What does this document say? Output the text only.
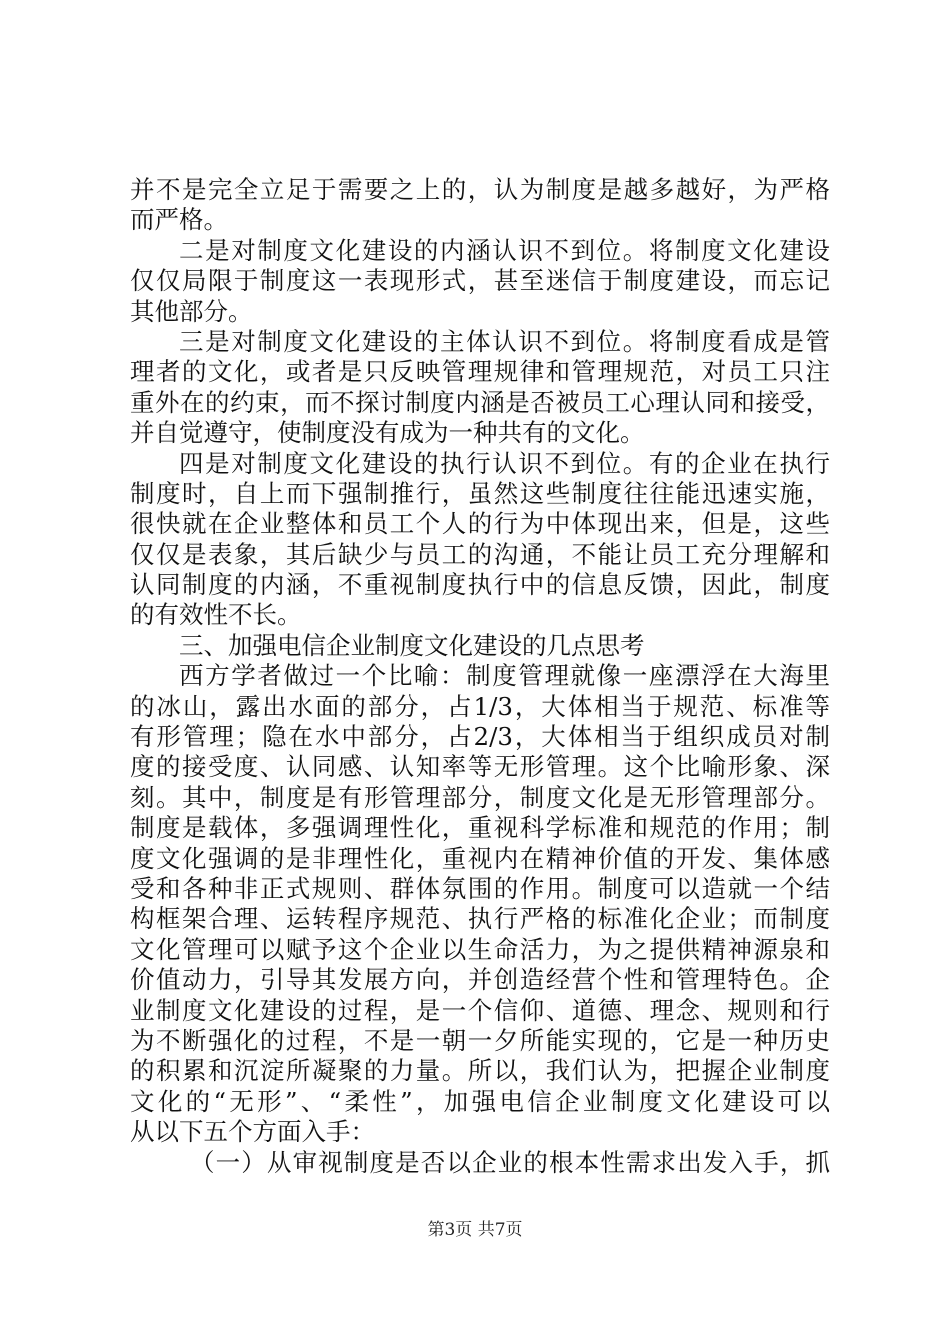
并不是完全立足于需要之上的，认为制度是越多越好，为严格
而严格。
二是对制度文化建设的内涵认识不到位。将制度文化建设
仅仅局限于制度这一表现形式，甚至迷信于制度建设，而忘记
其他部分。
三是对制度文化建设的主体认识不到位。将制度看成是管
理者的文化，或者是只反映管理规律和管理规范，对员工只注
重外在的约束，而不探讨制度内涵是否被员工心理认同和接受，
并自觉遵守，使制度没有成为一种共有的文化。
四是对制度文化建设的执行认识不到位。有的企业在执行
制度时，自上而下强制推行，虽然这些制度往往能迅速实施，
很快就在企业整体和员工个人的行为中体现出来，但是，这些
仅仅是表象，其后缺少与员工的沟通，不能让员工充分理解和
认同制度的内涵，不重视制度执行中的信息反馈，因此，制度
的有效性不长。
三、加强电信企业制度文化建设的几点思考
西方学者做过一个比喻：制度管理就像一座漂浮在大海里
的冰山，露出水面的部分，占1/3，大体相当于规范、标准等
有形管理；隐在水中部分，占2/3，大体相当于组织成员对制
度的接受度、认同感、认知率等无形管理。这个比喻形象、深
刻。其中，制度是有形管理部分，制度文化是无形管理部分。
制度是载体，多强调理性化，重视科学标准和规范的作用；制
度文化强调的是非理性化，重视内在精神价值的开发、集体感
受和各种非正式规则、群体氛围的作用。制度可以造就一个结
构框架合理、运转程序规范、执行严格的标准化企业；而制度
文化管理可以赋予这个企业以生命活力，为之提供精神源泉和
价值动力，引导其发展方向，并创造经营个性和管理特色。企
业制度文化建设的过程，是一个信仰、道德、理念、规则和行
为不断强化的过程，不是一朝一夕所能实现的，它是一种历史
的积累和沉淀所凝聚的力量。所以，我们认为，把握企业制度
文化的“无形”、“柔性”，加强电信企业制度文化建设可以
从以下五个方面入手：
（一）从审视制度是否以企业的根本性需求出发入手，抓
第3页 共7页
